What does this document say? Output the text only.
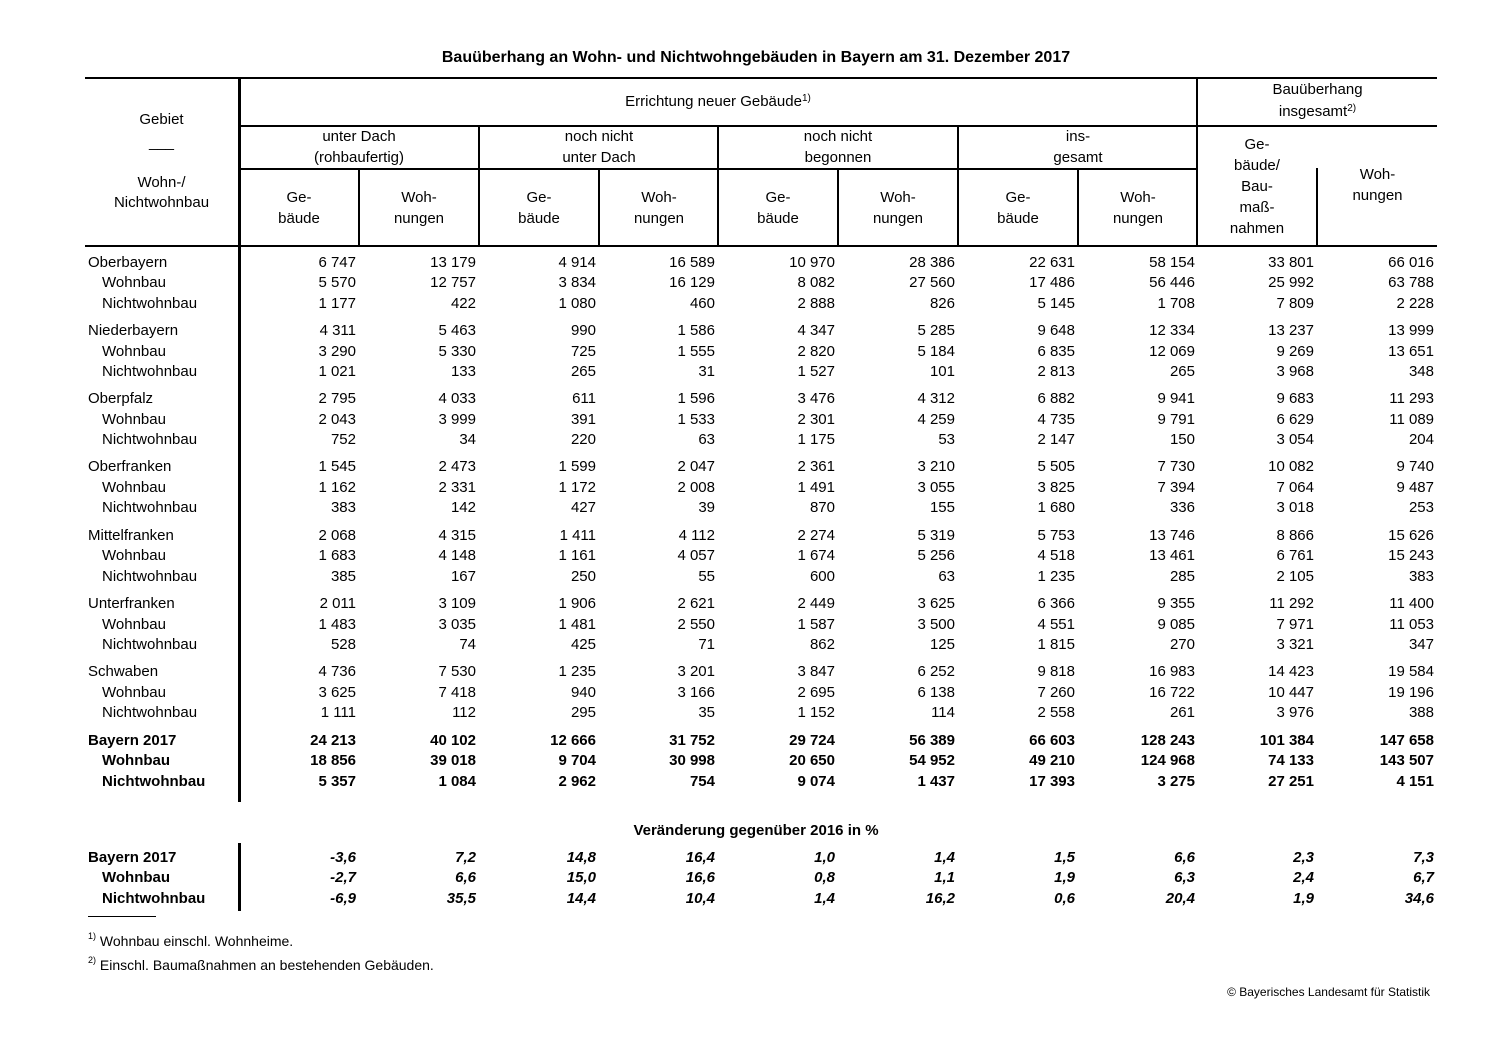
Bauüberhang an Wohn- und Nichtwohngebäuden in Bayern am 31. Dezember 2017
Gebiet
___
Wohn-/
Nichtwohnbau
Errichtung neuer Gebäude$^{1)}$
Bauüberhang
insgesamt$^{2)}$
unter Dach
(rohbaufertig)
noch nicht
unter Dach
noch nicht
begonnen
ins-
gesamt
Ge-
bäude
Woh-
nungen
Ge-
bäude
Woh-
nungen
Ge-
bäude
Woh-
nungen
Ge-
bäude
Woh-
nungen
Ge-
bäude/
Bau-
maß-
nahmen
Woh-
nungen
Oberbayern	6 747	13 179	4 914	16 589	10 970	28 386	22 631	58 154	33 801	66 016
Wohnbau	5 570	12 757	3 834	16 129	8 082	27 560	17 486	56 446	25 992	63 788
Nichtwohnbau	1 177	422	1 080	460	2 888	826	5 145	1 708	7 809	2 228
Niederbayern	4 311	5 463	990	1 586	4 347	5 285	9 648	12 334	13 237	13 999
Wohnbau	3 290	5 330	725	1 555	2 820	5 184	6 835	12 069	9 269	13 651
Nichtwohnbau	1 021	133	265	31	1 527	101	2 813	265	3 968	348
Oberpfalz	2 795	4 033	611	1 596	3 476	4 312	6 882	9 941	9 683	11 293
Wohnbau	2 043	3 999	391	1 533	2 301	4 259	4 735	9 791	6 629	11 089
Nichtwohnbau	752	34	220	63	1 175	53	2 147	150	3 054	204
Oberfranken	1 545	2 473	1 599	2 047	2 361	3 210	5 505	7 730	10 082	9 740
Wohnbau	1 162	2 331	1 172	2 008	1 491	3 055	3 825	7 394	7 064	9 487
Nichtwohnbau	383	142	427	39	870	155	1 680	336	3 018	253
Mittelfranken	2 068	4 315	1 411	4 112	2 274	5 319	5 753	13 746	8 866	15 626
Wohnbau	1 683	4 148	1 161	4 057	1 674	5 256	4 518	13 461	6 761	15 243
Nichtwohnbau	385	167	250	55	600	63	1 235	285	2 105	383
Unterfranken	2 011	3 109	1 906	2 621	2 449	3 625	6 366	9 355	11 292	11 400
Wohnbau	1 483	3 035	1 481	2 550	1 587	3 500	4 551	9 085	7 971	11 053
Nichtwohnbau	528	74	425	71	862	125	1 815	270	3 321	347
Schwaben	4 736	7 530	1 235	3 201	3 847	6 252	9 818	16 983	14 423	19 584
Wohnbau	3 625	7 418	940	3 166	2 695	6 138	7 260	16 722	10 447	19 196
Nichtwohnbau	1 111	112	295	35	1 152	114	2 558	261	3 976	388
Bayern 2017	24 213	40 102	12 666	31 752	29 724	56 389	66 603	128 243	101 384	147 658
Wohnbau	18 856	39 018	9 704	30 998	20 650	54 952	49 210	124 968	74 133	143 507
Nichtwohnbau	5 357	1 084	2 962	754	9 074	1 437	17 393	3 275	27 251	4 151
Veränderung gegenüber 2016 in %
Bayern 2017	-3,6	7,2	14,8	16,4	1,0	1,4	1,5	6,6	2,3	7,3
Wohnbau	-2,7	6,6	15,0	16,6	0,8	1,1	1,9	6,3	2,4	6,7
Nichtwohnbau	-6,9	35,5	14,4	10,4	1,4	16,2	0,6	20,4	1,9	34,6
$^{1)}$ Wohnbau einschl. Wohnheime.
$^{2)}$ Einschl. Baumaßnahmen an bestehenden Gebäuden.
© Bayerisches Landesamt für Statistik
